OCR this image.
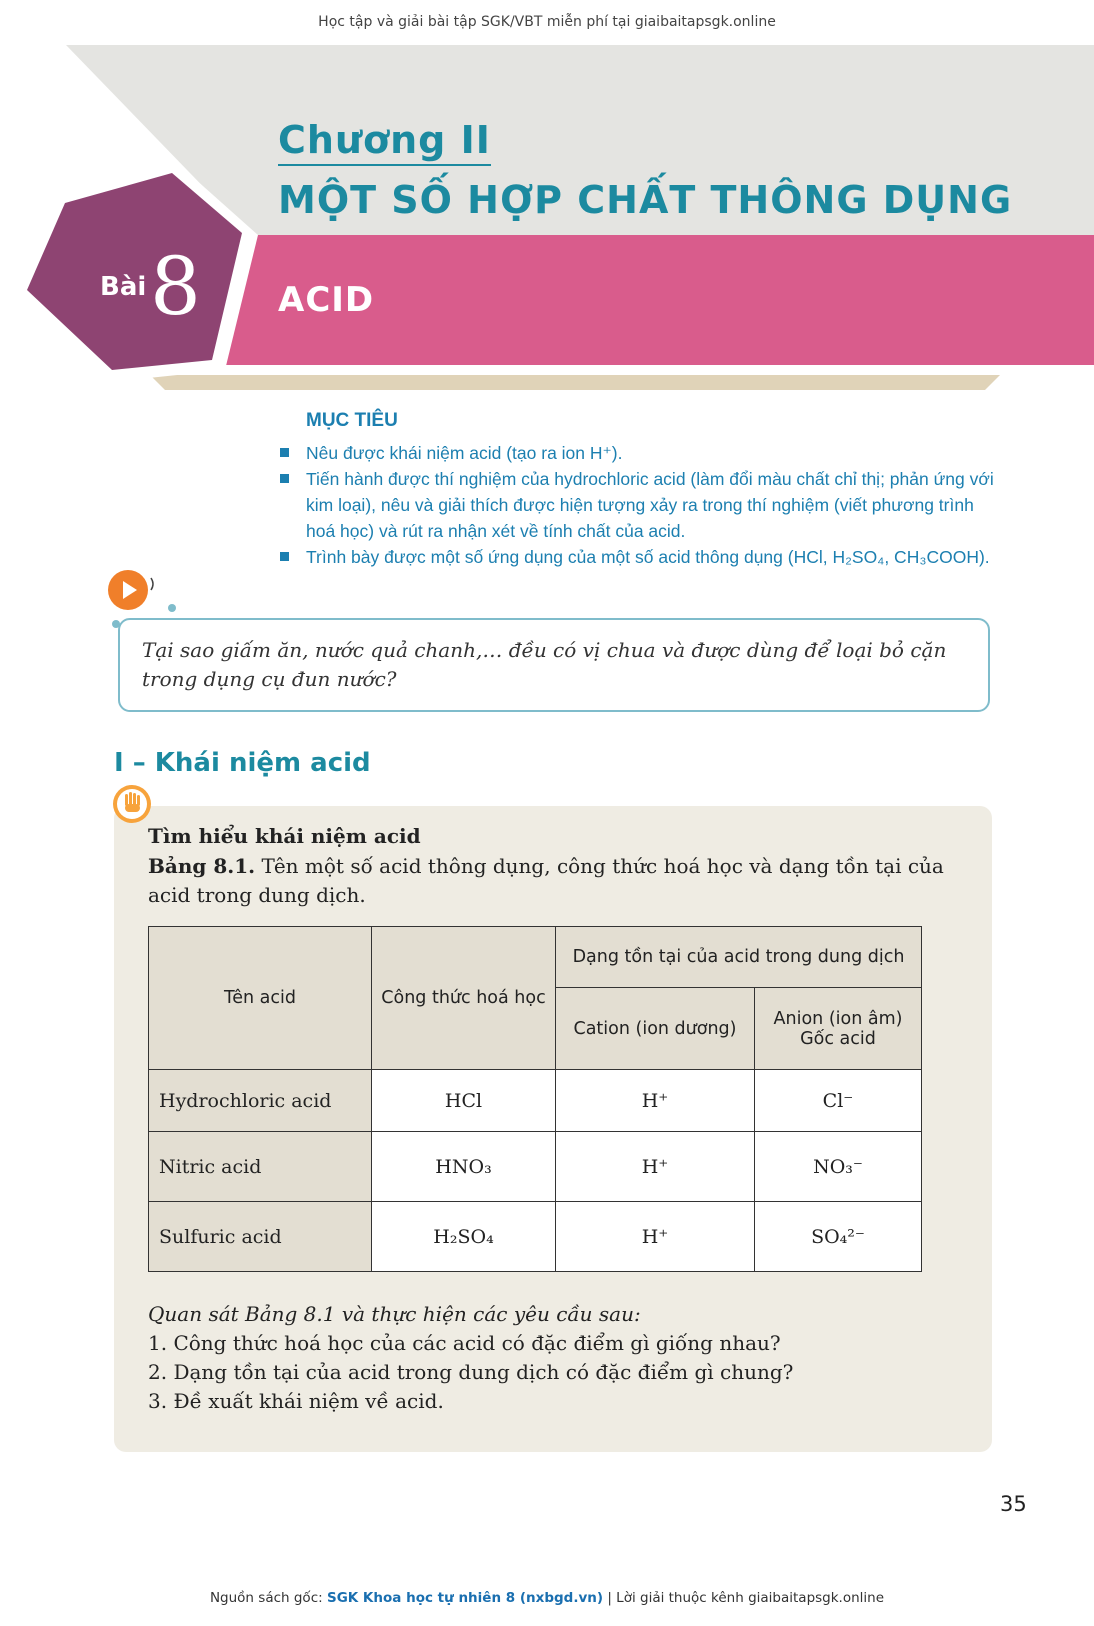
Học tập và giải bài tập SGK/VBT miễn phí tại giaibaitapsgk.online
Chương II
MỘT SỐ HỢP CHẤT THÔNG DỤNG
Bài 8 ACID
MỤC TIÊU
Nêu được khái niệm acid (tạo ra ion H⁺).
Tiến hành được thí nghiệm của hydrochloric acid (làm đổi màu chất chỉ thị; phản ứng với kim loại), nêu và giải thích được hiện tượng xảy ra trong thí nghiệm (viết phương trình hoá học) và rút ra nhận xét về tính chất của acid.
Trình bày được một số ứng dụng của một số acid thông dụng (HCl, H₂SO₄, CH₃COOH).
Tại sao giấm ăn, nước quả chanh,… đều có vị chua và được dùng để loại bỏ cặn trong dụng cụ đun nước?
I – Khái niệm acid
Tìm hiểu khái niệm acid
Bảng 8.1. Tên một số acid thông dụng, công thức hoá học và dạng tồn tại của acid trong dung dịch.
Tên acid	Công thức hoá học	Dạng tồn tại của acid trong dung dịch	
		Cation (ion dương)	Anion (ion âm)
Gốc acid

Hydrochloric acid	HCl	H⁺	Cl⁻
Nitric acid	HNO₃	H⁺	NO₃⁻
Sulfuric acid	H₂SO₄	H⁺	SO₄²⁻
Quan sát Bảng 8.1 và thực hiện các yêu cầu sau:
1. Công thức hoá học của các acid có đặc điểm gì giống nhau?
2. Dạng tồn tại của acid trong dung dịch có đặc điểm gì chung?
3. Đề xuất khái niệm về acid.
35
Nguồn sách gốc: SGK Khoa học tự nhiên 8 (nxbgd.vn) | Lời giải thuộc kênh giaibaitapsgk.online
